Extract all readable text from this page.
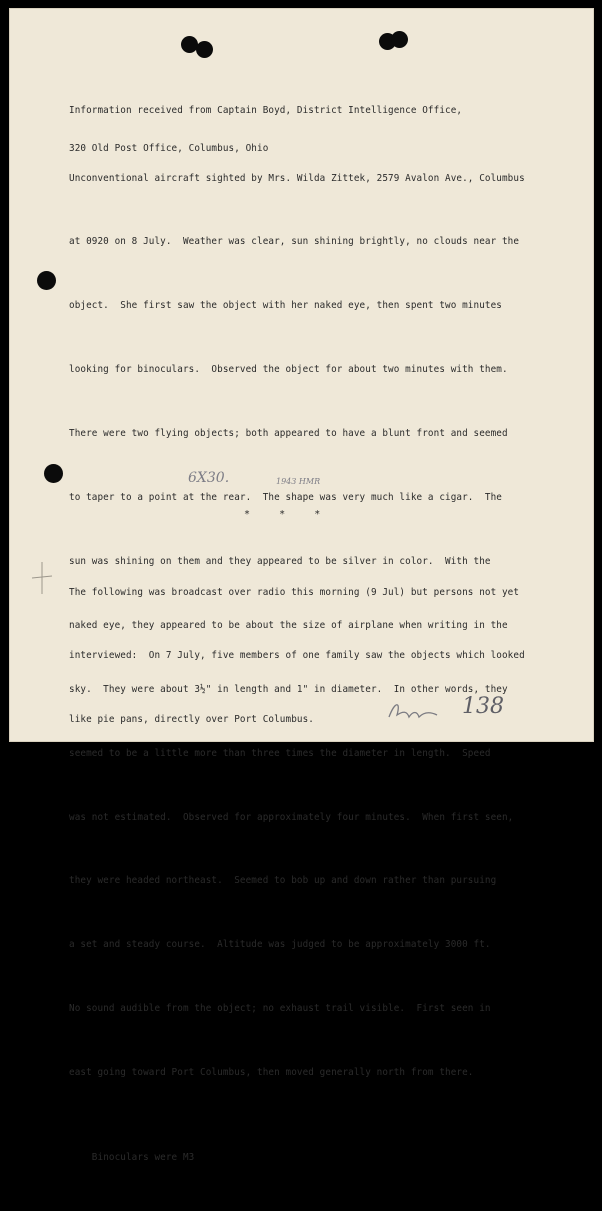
Information received from Captain Boyd, District Intelligence Office,

320 Old Post Office, Columbus, Ohio

Unconventional aircraft sighted by Mrs. Wilda Zittek, 2579 Avalon Ave., Columbus

at 0920 on 8 July.  Weather was clear, sun shining brightly, no clouds near the

object.  She first saw the object with her naked eye, then spent two minutes

looking for binoculars.  Observed the object for about two minutes with them.

There were two flying objects; both appeared to have a blunt front and seemed

to taper to a point at the rear.  The shape was very much like a cigar.  The

sun was shining on them and they appeared to be silver in color.  With the

naked eye, they appeared to be about the size of airplane when writing in the

sky.  They were about 3½" in length and 1" in diameter.  In other words, they

seemed to be a little more than three times the diameter in length.  Speed

was not estimated.  Observed for approximately four minutes.  When first seen,

they were headed northeast.  Seemed to bob up and down rather than pursuing

a set and steady course.  Altitude was judged to be approximately 3000 ft.

No sound audible from the object; no exhaust trail visible.  First seen in

east going toward Port Columbus, then moved generally north from there.

Binoculars were M3

6X30.	1943 HMR
*    *    *

The following was broadcast over radio this morning (9 Jul) but persons not yet

interviewed:  On 7 July, five members of one family saw the objects which looked

like pie pans, directly over Port Columbus.

138
